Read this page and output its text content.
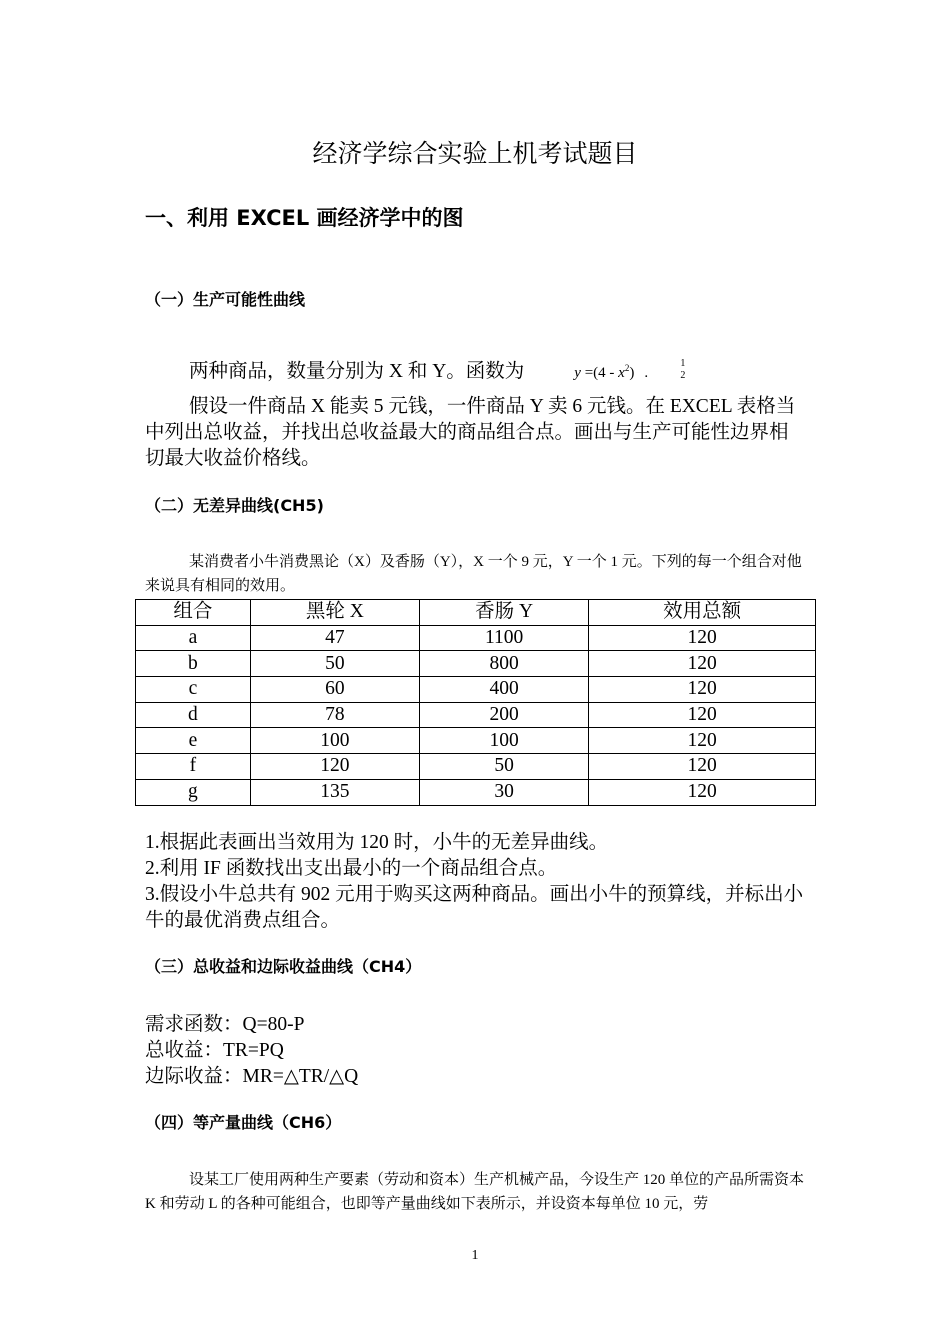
经济学综合实验上机考试题目
一、利用 EXCEL 画经济学中的图
（一）生产可能性曲线
两种商品，数量分别为 X 和 Y。函数为	$y =(4 - x^2)$
1
2
.
假设一件商品 X 能卖 5 元钱，一件商品 Y 卖 6 元钱。在 EXCEL 表格当中列出总收益，并找出总收益最大的商品组合点。画出与生产可能性边界相切最大收益价格线。
（二）无差异曲线(CH5)
某消费者小牛消费黑论（X）及香肠（Y），X 一个 9 元，Y 一个 1 元。下列的每一个组合对他来说具有相同的效用。
组合	黑轮 X	香肠 Y	效用总额
a	47	1100	120
b	50	800	120
c	60	400	120
d	78	200	120
e	100	100	120
f	120	50	120
g	135	30	120
1.根据此表画出当效用为 120 时，小牛的无差异曲线。
2.利用 IF 函数找出支出最小的一个商品组合点。
3.假设小牛总共有 902 元用于购买这两种商品。画出小牛的预算线，并标出小牛的最优消费点组合。
（三）总收益和边际收益曲线（CH4）
需求函数：Q=80-P
总收益：TR=PQ
边际收益：MR=△TR/△Q
（四）等产量曲线（CH6）
设某工厂使用两种生产要素（劳动和资本）生产机械产品，今设生产 120 单位的产品所需资本 K 和劳动 L 的各种可能组合，也即等产量曲线如下表所示，并设资本每单位 10 元，劳
1
